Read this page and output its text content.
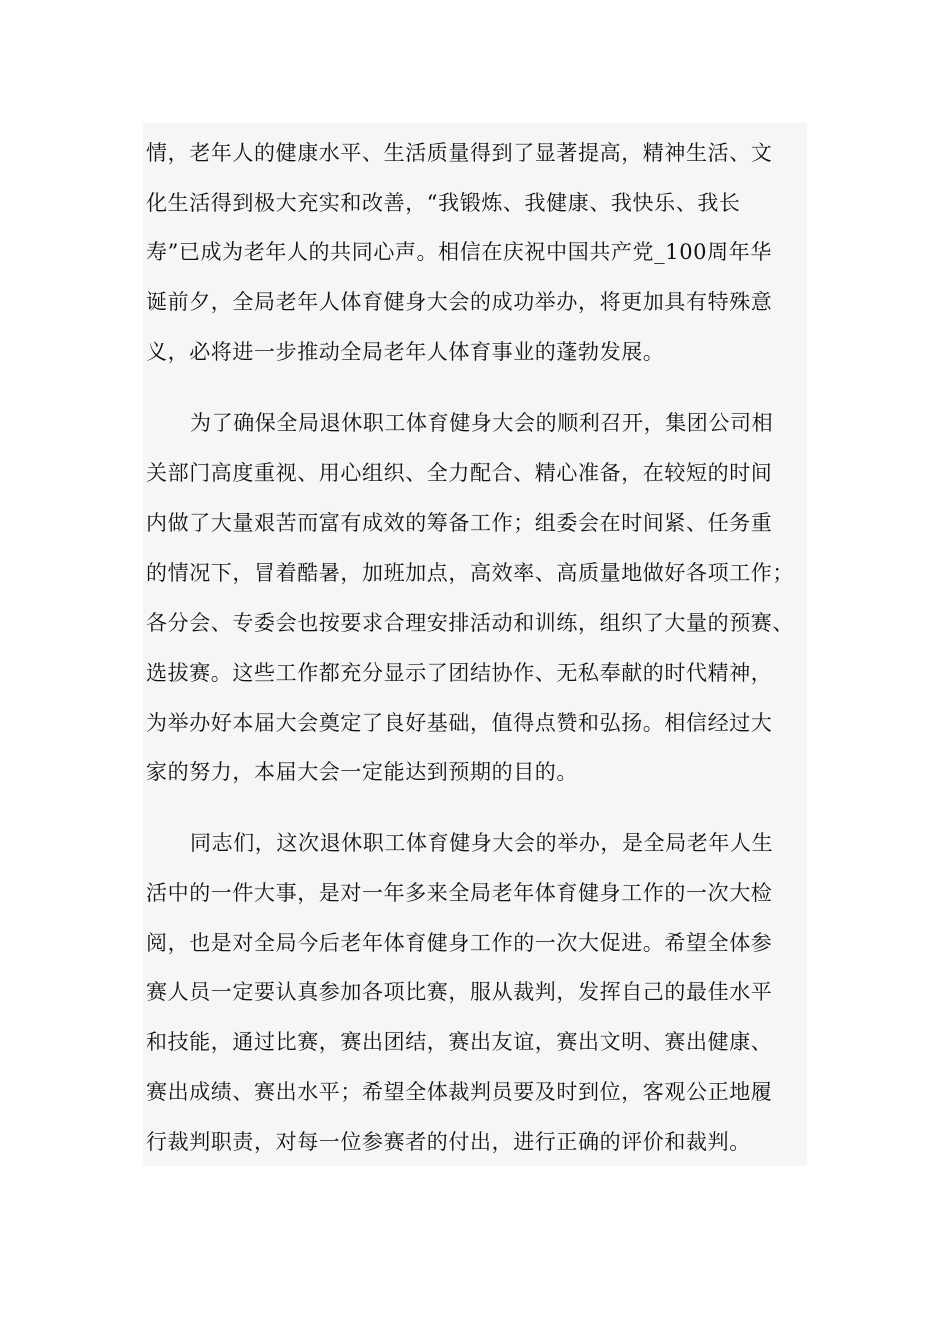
情，老年人的健康水平、生活质量得到了显著提高，精神生活、文
化生活得到极大充实和改善，“我锻炼、我健康、我快乐、我长
寿”已成为老年人的共同心声。相信在庆祝中国共产党_100周年华
诞前夕，全局老年人体育健身大会的成功举办，将更加具有特殊意
义，必将进一步推动全局老年人体育事业的蓬勃发展。
为了确保全局退休职工体育健身大会的顺利召开，集团公司相
关部门高度重视、用心组织、全力配合、精心准备，在较短的时间
内做了大量艰苦而富有成效的筹备工作；组委会在时间紧、任务重
的情况下，冒着酷暑，加班加点，高效率、高质量地做好各项工作；
各分会、专委会也按要求合理安排活动和训练，组织了大量的预赛、
选拔赛。这些工作都充分显示了团结协作、无私奉献的时代精神，
为举办好本届大会奠定了良好基础，值得点赞和弘扬。相信经过大
家的努力，本届大会一定能达到预期的目的。
同志们，这次退休职工体育健身大会的举办，是全局老年人生
活中的一件大事，是对一年多来全局老年体育健身工作的一次大检
阅，也是对全局今后老年体育健身工作的一次大促进。希望全体参
赛人员一定要认真参加各项比赛，服从裁判，发挥自己的最佳水平
和技能，通过比赛，赛出团结，赛出友谊，赛出文明、赛出健康、
赛出成绩、赛出水平；希望全体裁判员要及时到位，客观公正地履
行裁判职责，对每一位参赛者的付出，进行正确的评价和裁判。
